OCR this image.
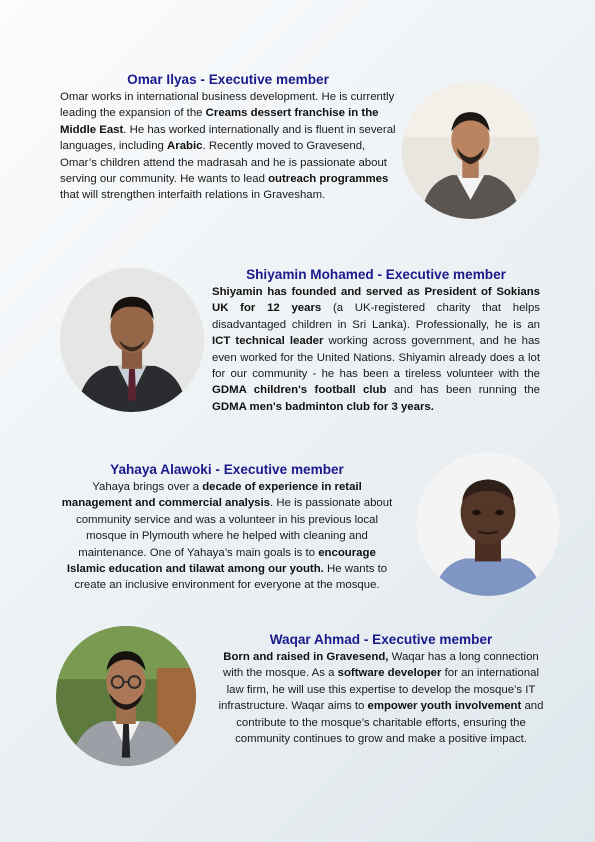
Omar Ilyas - Executive member

Omar works in international business development. He is currently leading the expansion of the Creams dessert franchise in the Middle East. He has worked internationally and is fluent in several languages, including Arabic. Recently moved to Gravesend, Omar’s children attend the madrasah and he is passionate about serving our community. He wants to lead outreach programmes that will strengthen interfaith relations in Gravesham.

Shiyamin Mohamed - Executive member

Shiyamin has founded and served as President of Sokians UK for 12 years (a UK-registered charity that helps disadvantaged children in Sri Lanka). Professionally, he is an ICT technical leader working across government, and he has even worked for the United Nations. Shiyamin already does a lot for our community - he has been a tireless volunteer with the GDMA children's football club and has been running the GDMA men's badminton club for 3 years.

Yahaya Alawoki - Executive member

Yahaya brings over a decade of experience in retail management and commercial analysis. He is passionate about community service and was a volunteer in his previous local mosque in Plymouth where he helped with cleaning and maintenance. One of Yahaya’s main goals is to encourage Islamic education and tilawat among our youth. He wants to create an inclusive environment for everyone at the mosque.

Waqar Ahmad - Executive member

Born and raised in Gravesend, Waqar has a long connection with the mosque. As a software developer for an international law firm, he will use this expertise to develop the mosque’s IT infrastructure. Waqar aims to empower youth involvement and contribute to the mosque’s charitable efforts, ensuring the community continues to grow and make a positive impact.
